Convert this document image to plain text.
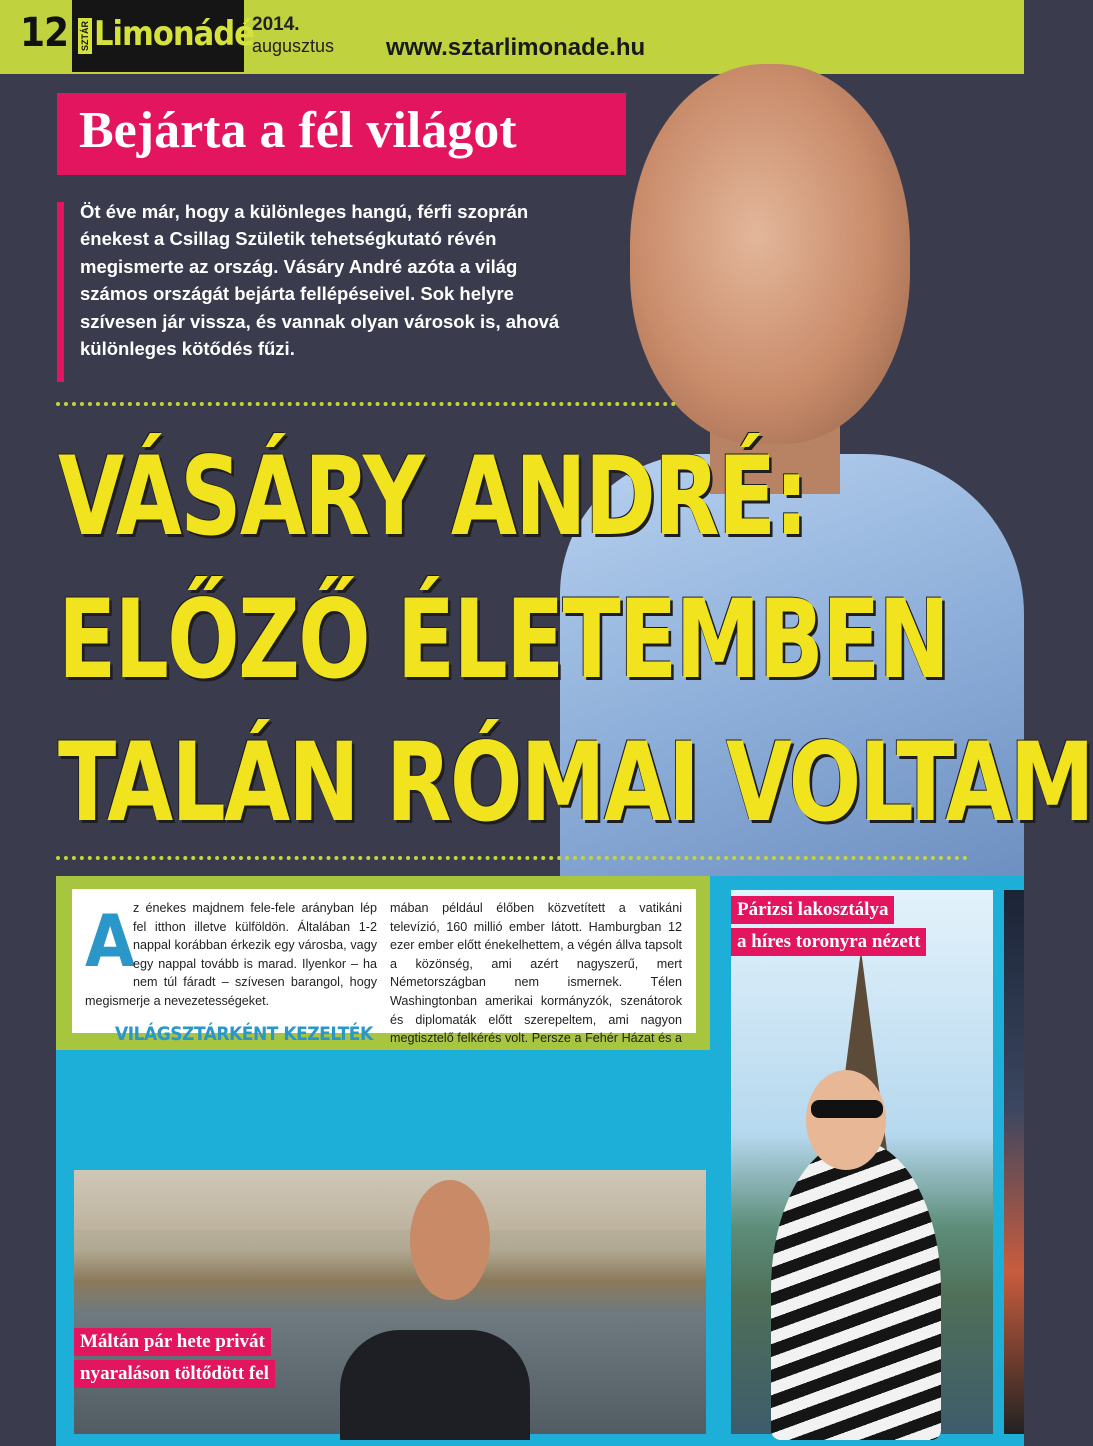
12 SZTÁR Limonádé
2014.
augusztus www.sztarlimonade.hu
Bejárta a fél világot
Öt éve már, hogy a különleges hangú, férfi szoprán énekest a Csillag Születik tehetségkutató révén megismerte az ország. Vásáry André azóta a világ számos országát bejárta fellépéseivel. Sok helyre szívesen jár vissza, és vannak olyan városok is, ahová különleges kötődés fűzi.
VÁSÁRY ANDRÉ:
ELŐZŐ ÉLETEMBEN
TALÁN RÓMAI VOLTAM
A

z énekes majdnem fele-fele arányban lép fel itthon illetve külföldön. Általában 1-2 nappal korábban érkezik egy városba, vagy egy nappal tovább is marad. Ilyenkor – ha nem túl fáradt – szívesen barangol, hogy megismerje a nevezetességeket.

VILÁGSZTÁRKÉNT KEZELTÉK

mában például élőben közvetített a vatikáni televízió, 160 millió ember látott. Hamburgban 12 ezer ember előtt énekelhettem, a végén állva tapsolt a közönség, ami azért nagyszerű, mert Németországban nem ismernek. Télen Washingtonban amerikai kormányzók, szenátorok és diplomaták előtt szerepeltem, ami nagyon megtisztelő felkérés volt. Persze a Fehér Házat és a
Párizsi lakosztálya
a híres toronyra nézett
Máltán pár hete privát
nyaraláson töltődött fel
